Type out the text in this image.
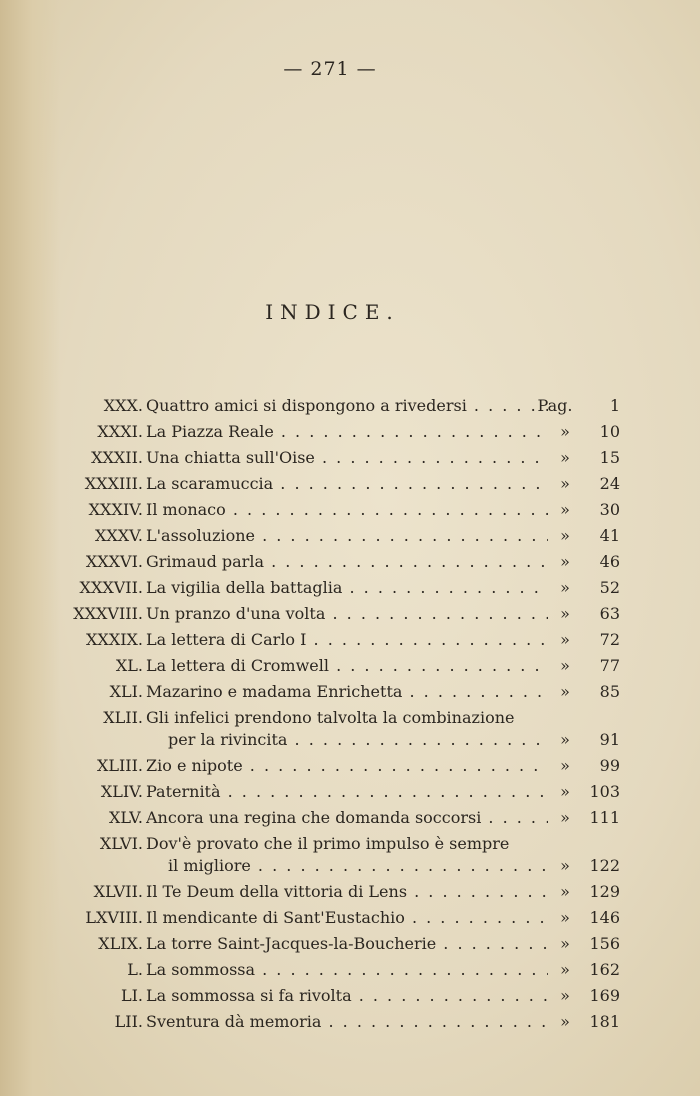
— 271 —
INDICE.
XXX. Quattro amici si dispongono a rivedersi . . .	Pag.	1
XXXI. La Piazza Reale . . .	»	10
XXXII. Una chiatta sull'Oise . . .	»	15
XXXIII. La scaramuccia . . .	»	24
XXXIV. Il monaco . . .	»	30
XXXV. L'assoluzione . . .	»	41
XXXVI. Grimaud parla . . .	»	46
XXXVII. La vigilia della battaglia . . .	»	52
XXXVIII. Un pranzo d'una volta . . .	»	63
XXXIX. La lettera di Carlo I . . .	»	72
XL. La lettera di Cromwell . . .	»	77
XLI. Mazarino e madama Enrichetta . . .	»	85
XLII. Gli infelici prendono talvolta la combinazione
per la rivincita . . .	»	91
XLIII. Zio e nipote . . .	»	99
XLIV. Paternità . . .	»	103
XLV. Ancora una regina che domanda soccorsi . . .	»	111
XLVI. Dov'è provato che il primo impulso è sempre
il migliore . . .	»	122
XLVII. Il Te Deum della vittoria di Lens . . .	»	129
LXVIII. Il mendicante di Sant'Eustachio . . .	»	146
XLIX. La torre Saint-Jacques-la-Boucherie . . .	»	156
L. La sommossa . . .	»	162
LI. La sommossa si fa rivolta . . .	»	169
LII. Sventura dà memoria . . .	»	181
